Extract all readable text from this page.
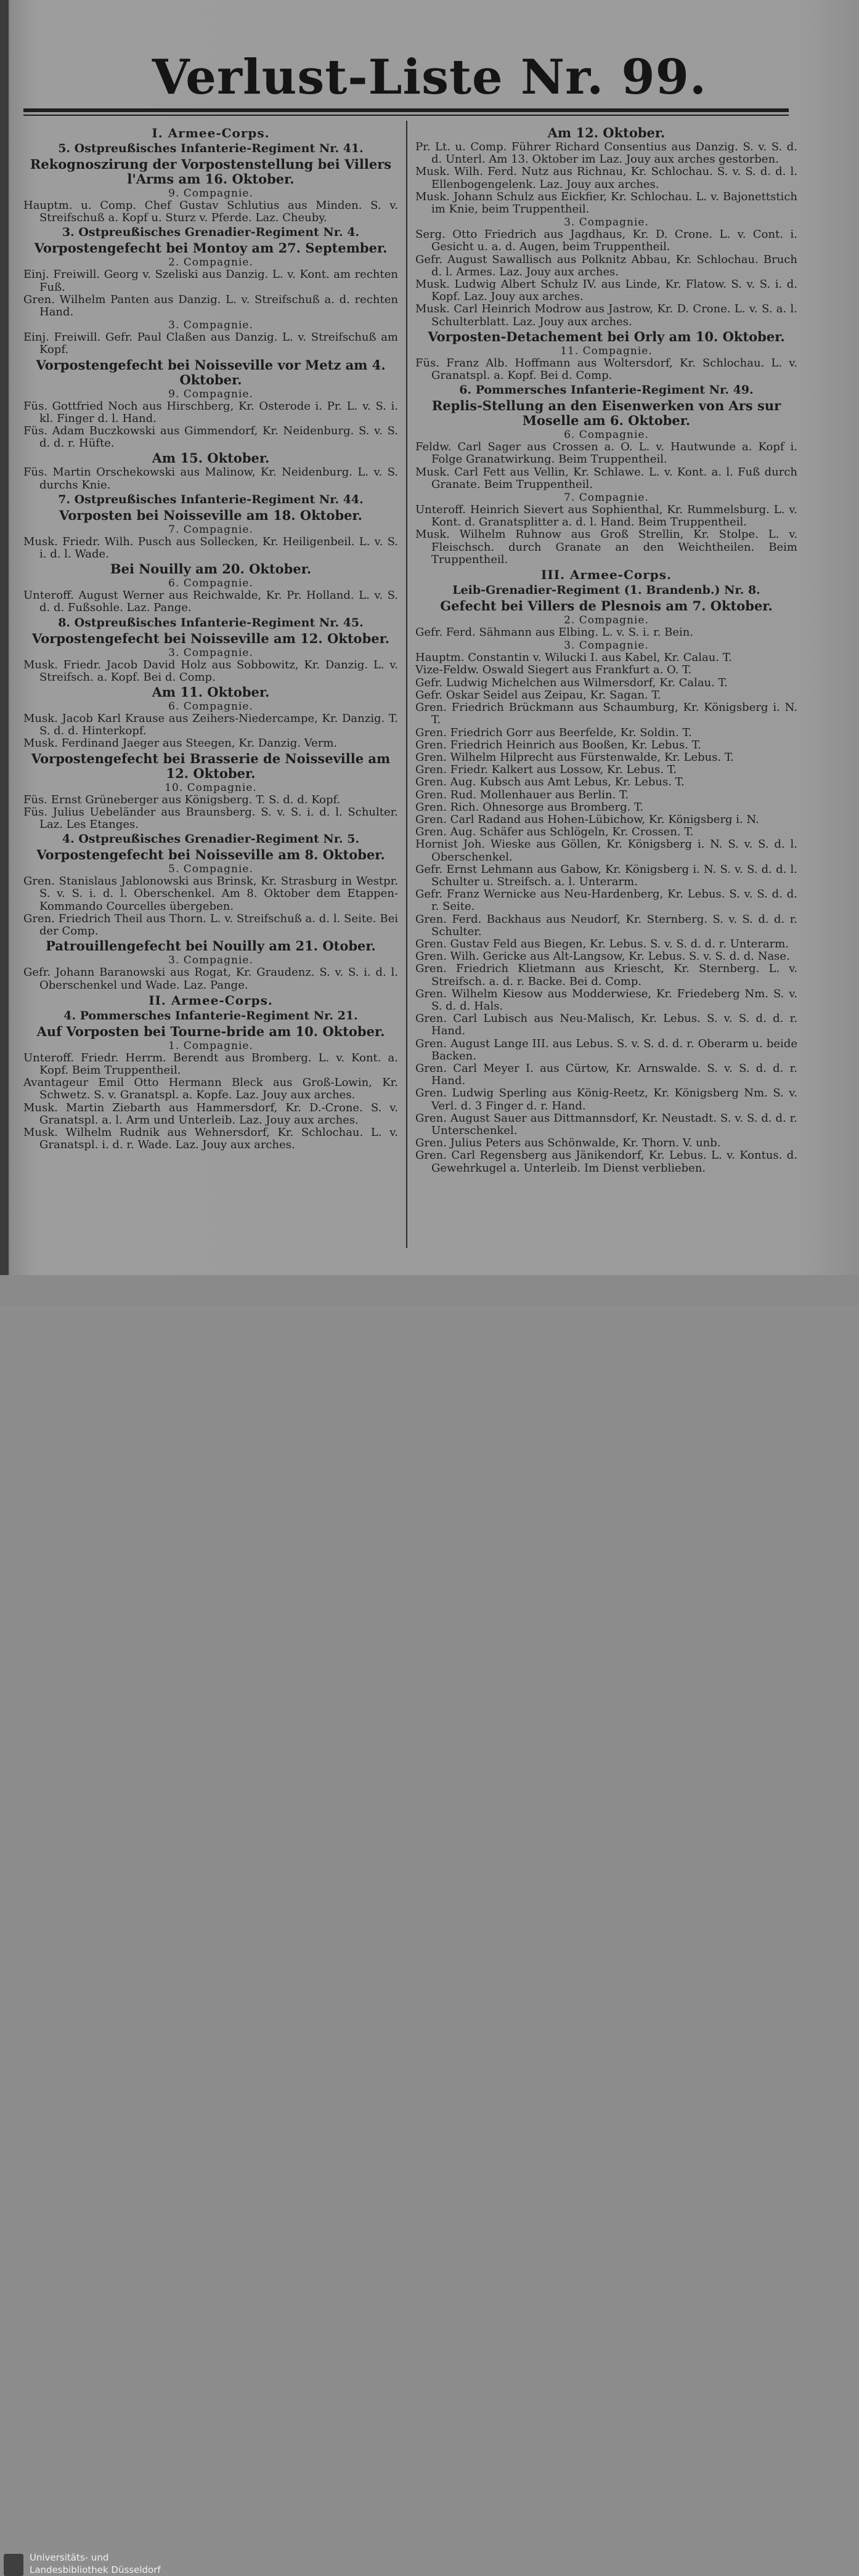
Verlust-Liste Nr. 99.

I. Armee-Corps.

5. Ostpreußisches Infanterie-Regiment Nr. 41.

Rekognoszirung der Vorpostenstellung bei Villers l'Arms am 16. Oktober.

9. Compagnie.

Hauptm. u. Comp. Chef Gustav Schlutius aus Minden. S. v. Streifschuß a. Kopf u. Sturz v. Pferde. Laz. Cheuby.

3. Ostpreußisches Grenadier-Regiment Nr. 4.

Vorpostengefecht bei Montoy am 27. September.

2. Compagnie.

Einj. Freiwill. Georg v. Szeliski aus Danzig. L. v. Kont. am rechten Fuß.

Gren. Wilhelm Panten aus Danzig. L. v. Streifschuß a. d. rechten Hand.

3. Compagnie.

Einj. Freiwill. Gefr. Paul Claßen aus Danzig. L. v. Streifschuß am Kopf.

Vorpostengefecht bei Noisseville vor Metz am 4. Oktober.

9. Compagnie.

Füs. Gottfried Noch aus Hirschberg, Kr. Osterode i. Pr. L. v. S. i. kl. Finger d. l. Hand.

Füs. Adam Buczkowski aus Gimmendorf, Kr. Neidenburg. S. v. S. d. d. r. Hüfte.

Am 15. Oktober.

Füs. Martin Orschekowski aus Malinow, Kr. Neidenburg. L. v. S. durchs Knie.

7. Ostpreußisches Infanterie-Regiment Nr. 44.

Vorposten bei Noisseville am 18. Oktober.

7. Compagnie.

Musk. Friedr. Wilh. Pusch aus Sollecken, Kr. Heiligenbeil. L. v. S. i. d. l. Wade.

Bei Nouilly am 20. Oktober.

6. Compagnie.

Unteroff. August Werner aus Reichwalde, Kr. Pr. Holland. L. v. S. d. d. Fußsohle. Laz. Pange.

8. Ostpreußisches Infanterie-Regiment Nr. 45.

Vorpostengefecht bei Noisseville am 12. Oktober.

3. Compagnie.

Musk. Friedr. Jacob David Holz aus Sobbowitz, Kr. Danzig. L. v. Streifsch. a. Kopf. Bei d. Comp.

Am 11. Oktober.

6. Compagnie.

Musk. Jacob Karl Krause aus Zeihers-Niedercampe, Kr. Danzig. T. S. d. d. Hinterkopf.

Musk. Ferdinand Jaeger aus Steegen, Kr. Danzig. Verm.

Vorpostengefecht bei Brasserie de Noisseville am 12. Oktober.

10. Compagnie.

Füs. Ernst Grüneberger aus Königsberg. T. S. d. d. Kopf.

Füs. Julius Uebeländer aus Braunsberg. S. v. S. i. d. l. Schulter. Laz. Les Etanges.

4. Ostpreußisches Grenadier-Regiment Nr. 5.

Vorpostengefecht bei Noisseville am 8. Oktober.

5. Compagnie.

Gren. Stanislaus Jablonowski aus Brinsk, Kr. Strasburg in Westpr. S. v. S. i. d. l. Oberschenkel. Am 8. Oktober dem Etappen-Kommando Courcelles übergeben.

Gren. Friedrich Theil aus Thorn. L. v. Streifschuß a. d. l. Seite. Bei der Comp.

Patrouillengefecht bei Nouilly am 21. Otober.

3. Compagnie.

Gefr. Johann Baranowski aus Rogat, Kr. Graudenz. S. v. S. i. d. l. Oberschenkel und Wade. Laz. Pange.

II. Armee-Corps.

4. Pommersches Infanterie-Regiment Nr. 21.

Auf Vorposten bei Tourne-bride am 10. Oktober.

1. Compagnie.

Unteroff. Friedr. Herrm. Berendt aus Bromberg. L. v. Kont. a. Kopf. Beim Truppentheil.

Avantageur Emil Otto Hermann Bleck aus Groß-Lowin, Kr. Schwetz. S. v. Granatspl. a. Kopfe. Laz. Jouy aux arches.

Musk. Martin Ziebarth aus Hammersdorf, Kr. D.-Crone. S. v. Granatspl. a. l. Arm und Unterleib. Laz. Jouy aux arches.

Musk. Wilhelm Rudnik aus Wehnersdorf, Kr. Schlochau. L. v. Granatspl. i. d. r. Wade. Laz. Jouy aux arches.

Am 12. Oktober.

Pr. Lt. u. Comp. Führer Richard Consentius aus Danzig. S. v. S. d. d. Unterl. Am 13. Oktober im Laz. Jouy aux arches gestorben.

Musk. Wilh. Ferd. Nutz aus Richnau, Kr. Schlochau. S. v. S. d. d. l. Ellenbogengelenk. Laz. Jouy aux arches.

Musk. Johann Schulz aus Eickfier, Kr. Schlochau. L. v. Bajonettstich im Knie, beim Truppentheil.

3. Compagnie.

Serg. Otto Friedrich aus Jagdhaus, Kr. D. Crone. L. v. Cont. i. Gesicht u. a. d. Augen, beim Truppentheil.

Gefr. August Sawallisch aus Polknitz Abbau, Kr. Schlochau. Bruch d. l. Armes. Laz. Jouy aux arches.

Musk. Ludwig Albert Schulz IV. aus Linde, Kr. Flatow. S. v. S. i. d. Kopf. Laz. Jouy aux arches.

Musk. Carl Heinrich Modrow aus Jastrow, Kr. D. Crone. L. v. S. a. l. Schulterblatt. Laz. Jouy aux arches.

Vorposten-Detachement bei Orly am 10. Oktober.

11. Compagnie.

Füs. Franz Alb. Hoffmann aus Woltersdorf, Kr. Schlochau. L. v. Granatspl. a. Kopf. Bei d. Comp.

6. Pommersches Infanterie-Regiment Nr. 49.

Replis-Stellung an den Eisenwerken von Ars sur Moselle am 6. Oktober.

6. Compagnie.

Feldw. Carl Sager aus Crossen a. O. L. v. Hautwunde a. Kopf i. Folge Granatwirkung. Beim Truppentheil.

Musk. Carl Fett aus Vellin, Kr. Schlawe. L. v. Kont. a. l. Fuß durch Granate. Beim Truppentheil.

7. Compagnie.

Unteroff. Heinrich Sievert aus Sophienthal, Kr. Rummelsburg. L. v. Kont. d. Granatsplitter a. d. l. Hand. Beim Truppentheil.

Musk. Wilhelm Ruhnow aus Groß Strellin, Kr. Stolpe. L. v. Fleischsch. durch Granate an den Weichtheilen. Beim Truppentheil.

III. Armee-Corps.

Leib-Grenadier-Regiment (1. Brandenb.) Nr. 8.

Gefecht bei Villers de Plesnois am 7. Oktober.

2. Compagnie.

Gefr. Ferd. Sähmann aus Elbing. L. v. S. i. r. Bein.

3. Compagnie.

Hauptm. Constantin v. Wilucki I. aus Kabel, Kr. Calau. T.

Vize-Feldw. Oswald Siegert aus Frankfurt a. O. T.

Gefr. Ludwig Michelchen aus Wilmersdorf, Kr. Calau. T.

Gefr. Oskar Seidel aus Zeipau, Kr. Sagan. T.

Gren. Friedrich Brückmann aus Schaumburg, Kr. Königsberg i. N. T.

Gren. Friedrich Gorr aus Beerfelde, Kr. Soldin. T.

Gren. Friedrich Heinrich aus Booßen, Kr. Lebus. T.

Gren. Wilhelm Hilprecht aus Fürstenwalde, Kr. Lebus. T.

Gren. Friedr. Kalkert aus Lossow, Kr. Lebus. T.

Gren. Aug. Kubsch aus Amt Lebus, Kr. Lebus. T.

Gren. Rud. Mollenhauer aus Berlin. T.

Gren. Rich. Ohnesorge aus Bromberg. T.

Gren. Carl Radand aus Hohen-Lübichow, Kr. Königsberg i. N.

Gren. Aug. Schäfer aus Schlögeln, Kr. Crossen. T.

Hornist Joh. Wieske aus Göllen, Kr. Königsberg i. N. S. v. S. d. l. Oberschenkel.

Gefr. Ernst Lehmann aus Gabow, Kr. Königsberg i. N. S. v. S. d. d. l. Schulter u. Streifsch. a. l. Unterarm.

Gefr. Franz Wernicke aus Neu-Hardenberg, Kr. Lebus. S. v. S. d. d. r. Seite.

Gren. Ferd. Backhaus aus Neudorf, Kr. Sternberg. S. v. S. d. d. r. Schulter.

Gren. Gustav Feld aus Biegen, Kr. Lebus. S. v. S. d. d. r. Unterarm.

Gren. Wilh. Gericke aus Alt-Langsow, Kr. Lebus. S. v. S. d. d. Nase.

Gren. Friedrich Klietmann aus Kriescht, Kr. Sternberg. L. v. Streifsch. a. d. r. Backe. Bei d. Comp.

Gren. Wilhelm Kiesow aus Modderwiese, Kr. Friedeberg Nm. S. v. S. d. d. Hals.

Gren. Carl Lubisch aus Neu-Malisch, Kr. Lebus. S. v. S. d. d. r. Hand.

Gren. August Lange III. aus Lebus. S. v. S. d. d. r. Oberarm u. beide Backen.

Gren. Carl Meyer I. aus Cürtow, Kr. Arnswalde. S. v. S. d. d. r. Hand.

Gren. Ludwig Sperling aus König-Reetz, Kr. Königsberg Nm. S. v. Verl. d. 3 Finger d. r. Hand.

Gren. August Sauer aus Dittmannsdorf, Kr. Neustadt. S. v. S. d. d. r. Unterschenkel.

Gren. Julius Peters aus Schönwalde, Kr. Thorn. V. unb.

Gren. Carl Regensberg aus Jänikendorf, Kr. Lebus. L. v. Kontus. d. Gewehrkugel a. Unterleib. Im Dienst verblieben.

Universitäts- und
Landesbibliothek Düsseldorf
